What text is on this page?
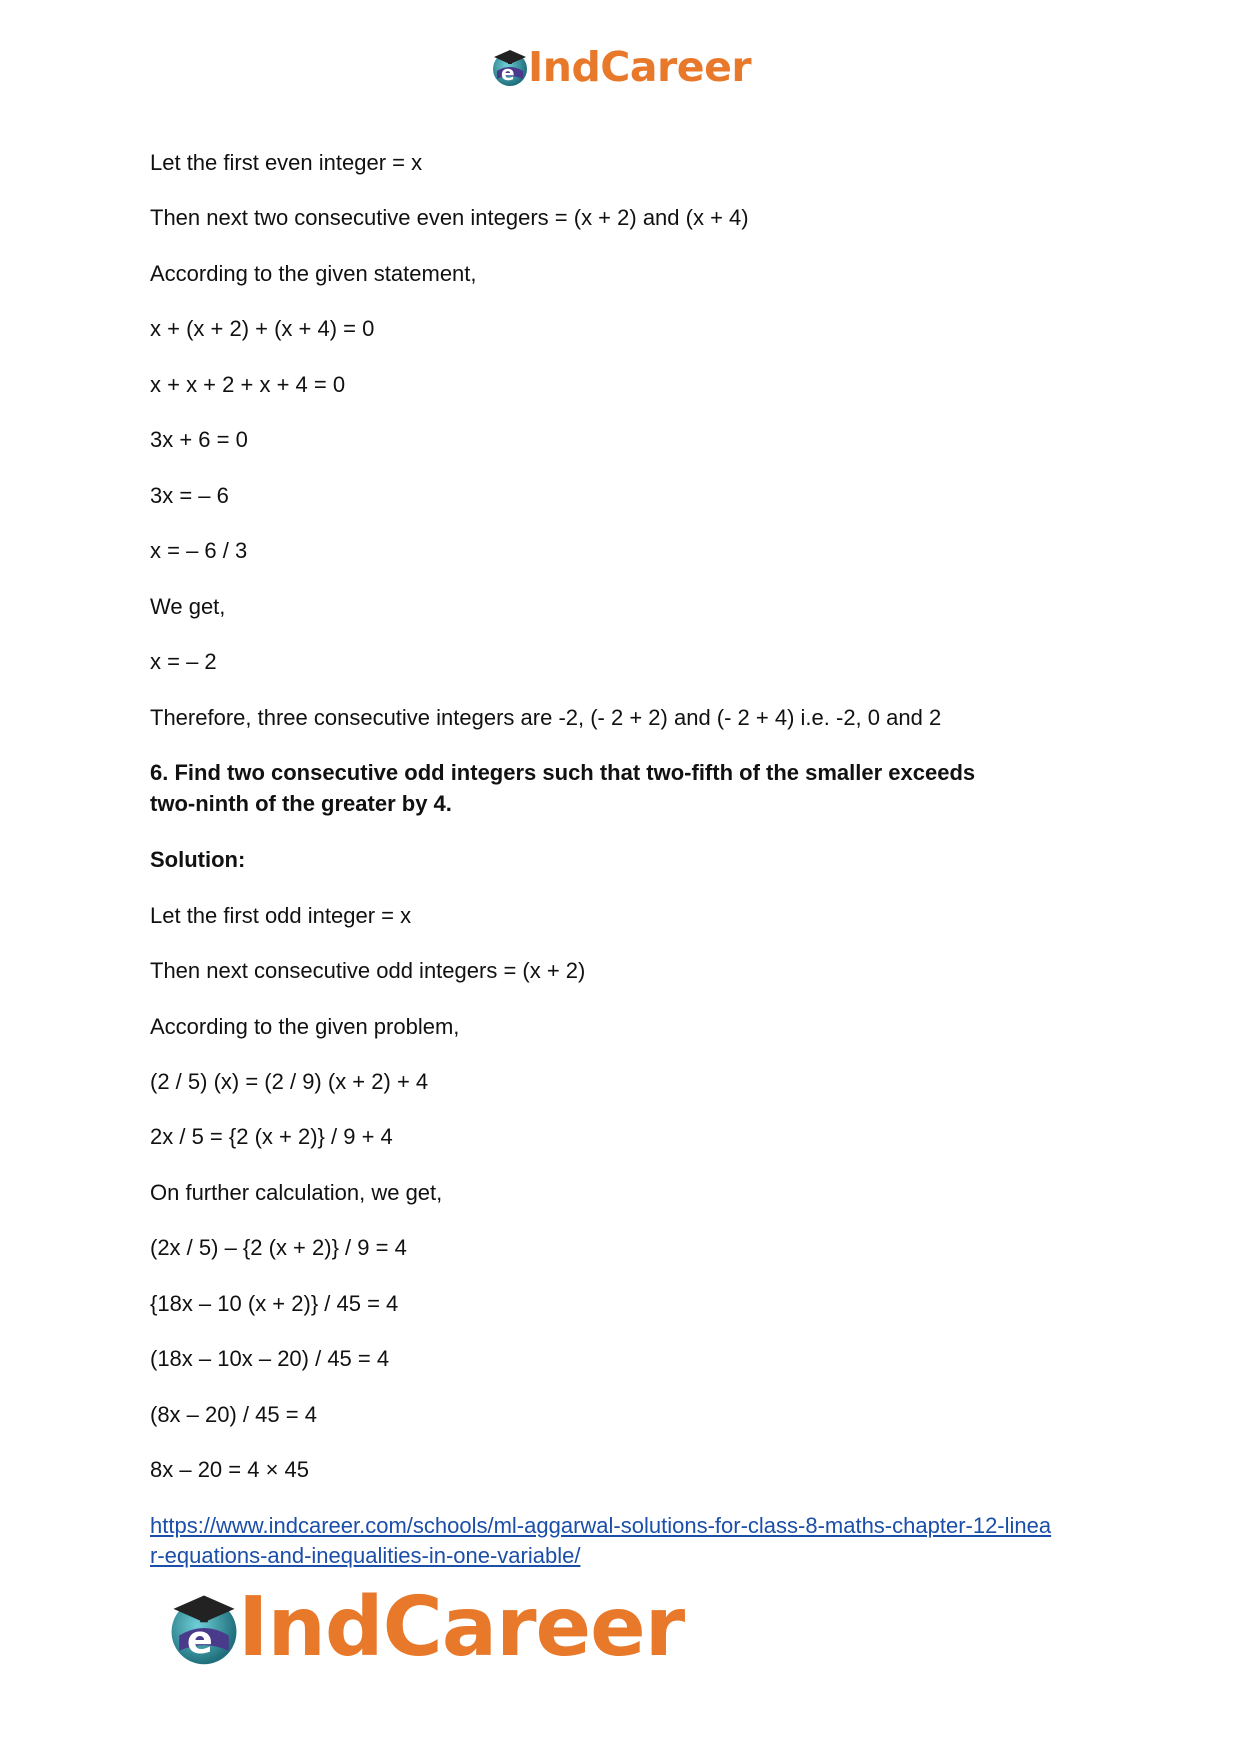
e IndCareer
Let the first even integer = x
Then next two consecutive even integers = (x + 2) and (x + 4)
According to the given statement,
x + (x + 2) + (x + 4) = 0
x + x + 2 + x + 4 = 0
3x + 6 = 0
3x = – 6
x = – 6 / 3
We get,
x = – 2
Therefore, three consecutive integers are -2, (- 2 + 2) and (- 2 + 4) i.e. -2, 0 and 2
6. Find two consecutive odd integers such that two-fifth of the smaller exceeds
two-ninth of the greater by 4.
Solution:
Let the first odd integer = x
Then next consecutive odd integers = (x + 2)
According to the given problem,
(2 / 5) (x) = (2 / 9) (x + 2) + 4
2x / 5 = {2 (x + 2)} / 9 + 4
On further calculation, we get,
(2x / 5) – {2 (x + 2)} / 9 = 4
{18x – 10 (x + 2)} / 45 = 4
(18x – 10x – 20) / 45 = 4
(8x – 20) / 45 = 4
8x – 20 = 4 × 45
https://www.indcareer.com/schools/ml-aggarwal-solutions-for-class-8-maths-chapter-12-linea
r-equations-and-inequalities-in-one-variable/
e IndCareer
